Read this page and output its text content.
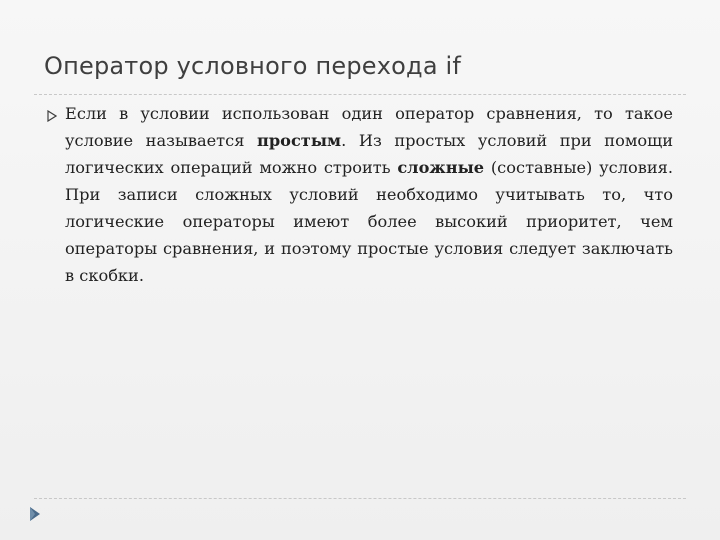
Оператор условного перехода if
Если в условии использован один оператор сравнения, то такое условие называется простым. Из простых условий при помощи логических операций можно строить сложные (составные) условия. При записи сложных условий необходимо учитывать то, что логические операторы имеют более высокий приоритет, чем операторы сравнения, и поэтому простые условия следует заключать в скобки.
